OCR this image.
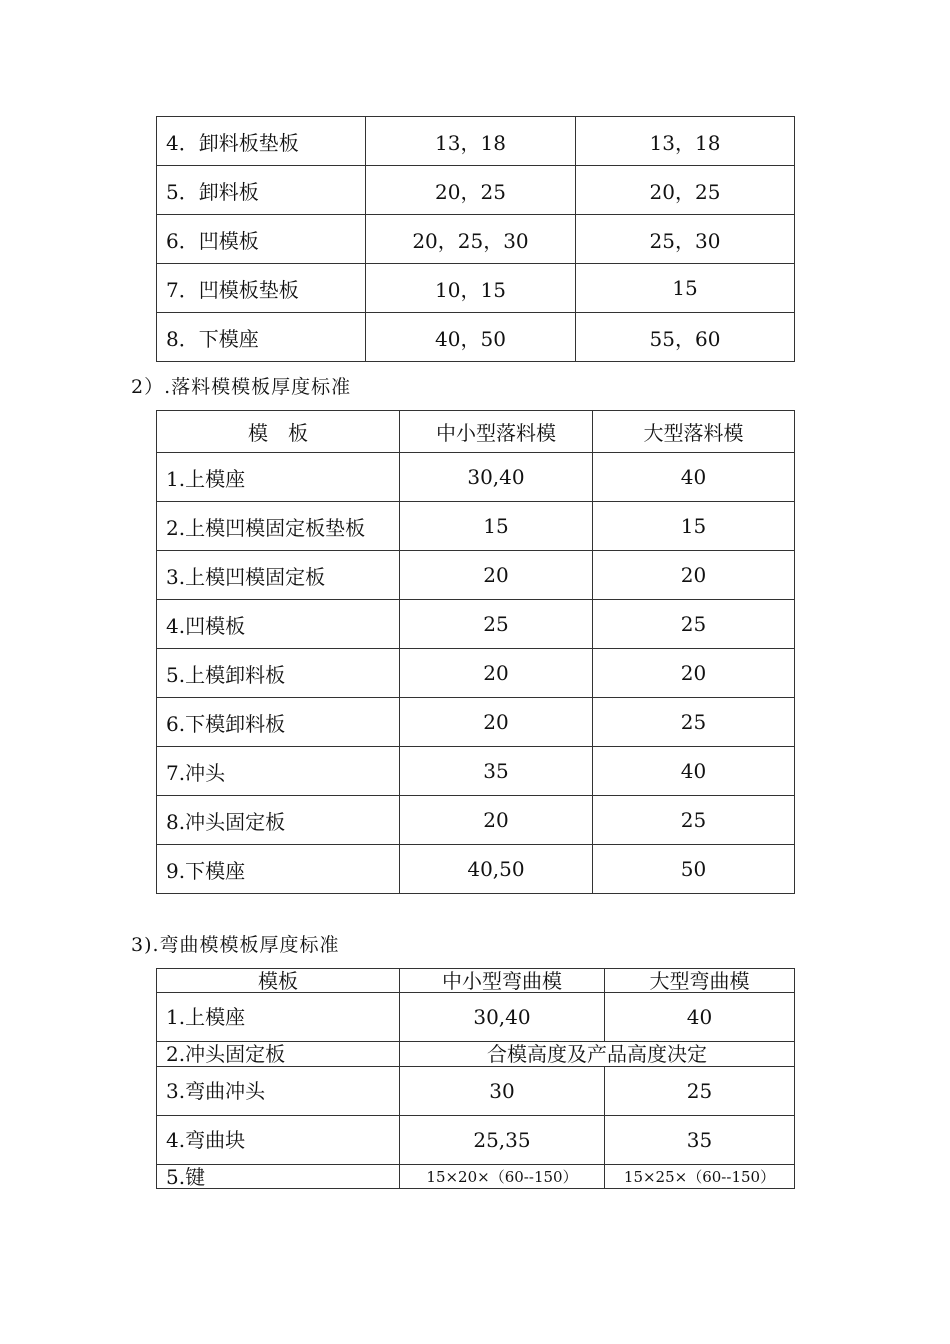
4．卸料板垫板	13，18	13，18
5．卸料板	20，25	20，25
6．凹模板	20，25，30	25，30
7．凹模板垫板	10，15	15
8．下模座	40，50	55，60
2）.落料模模板厚度标准
模　板	中小型落料模	大型落料模
1.上模座	30,40	40
2.上模凹模固定板垫板	15	15
3.上模凹模固定板	20	20
4.凹模板	25	25
5.上模卸料板	20	20
6.下模卸料板	20	25
7.冲头	35	40
8.冲头固定板	20	25
9.下模座	40,50	50
3).弯曲模模板厚度标准
模板	中小型弯曲模	大型弯曲模
1.上模座	30,40	40
2.冲头固定板	合模高度及产品高度决定	
3.弯曲冲头	30	25
4.弯曲块	25,35	35
5.键	15×20×（60--150）	15×25×（60--150）
